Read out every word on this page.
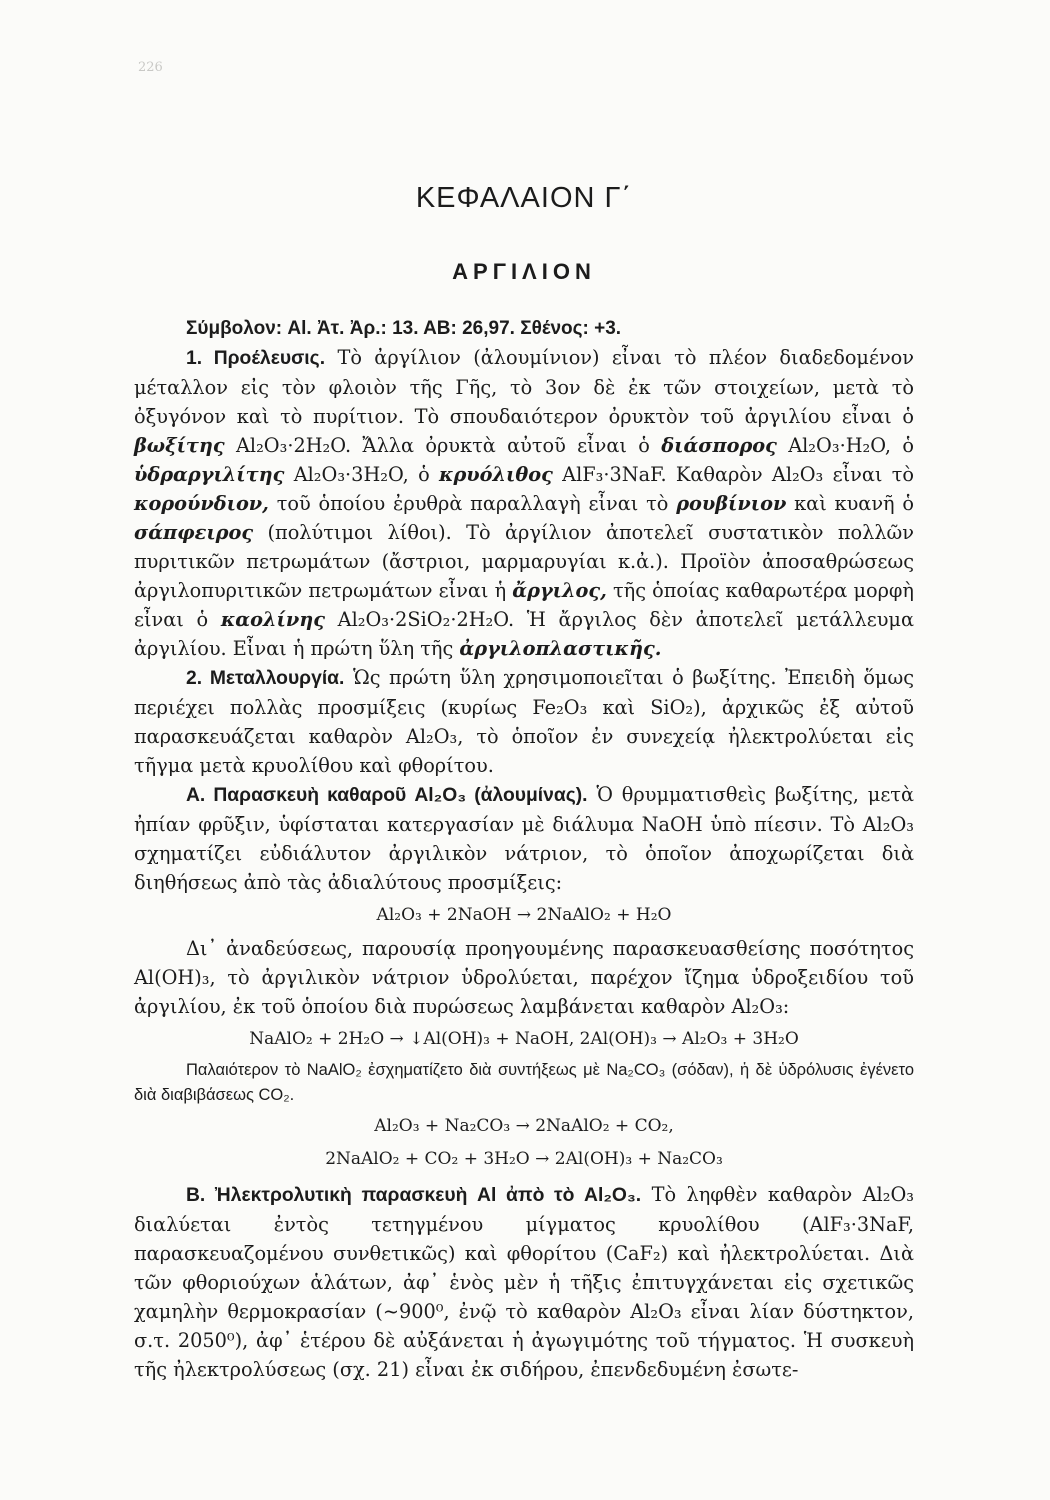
226
ΚΕΦΑΛΑΙΟΝ Γ΄
ΑΡΓΙΛΙΟΝ

Σύμβολον: Al. Ἀτ. Ἀρ.: 13. ΑΒ: 26,97. Σθένος: +3.

1. Προέλευσις. Τὸ ἀργίλιον (ἀλουμίνιον) εἶναι τὸ πλέον διαδεδομένον μέταλλον εἰς τὸν φλοιὸν τῆς Γῆς, τὸ 3ον δὲ ἐκ τῶν στοιχείων, μετὰ τὸ ὀξυγόνον καὶ τὸ πυρίτιον. Τὸ σπουδαιότερον ὀρυκτὸν τοῦ ἀργιλίου εἶναι ὁ βωξίτης Al₂O₃·2H₂O. Ἄλλα ὀρυκτὰ αὐτοῦ εἶναι ὁ διάσπορος Al₂O₃·H₂O, ὁ ὑδραργιλίτης Al₂O₃·3H₂O, ὁ κρυόλιθος AlF₃·3NaF. Καθαρὸν Al₂O₃ εἶναι τὸ κορούνδιον, τοῦ ὁποίου ἐρυθρὰ παραλλαγὴ εἶναι τὸ ρουβίνιον καὶ κυανῆ ὁ σάπφειρος (πολύτιμοι λίθοι). Τὸ ἀργίλιον ἀποτελεῖ συστατικὸν πολλῶν πυριτικῶν πετρωμάτων (ἄστριοι, μαρμαρυγίαι κ.ἀ.). Προϊὸν ἀποσαθρώσεως ἀργιλοπυριτικῶν πετρωμάτων εἶναι ἡ ἄργιλος, τῆς ὁποίας καθαρωτέρα μορφὴ εἶναι ὁ καολίνης Al₂O₃·2SiO₂·2H₂O. Ἡ ἄργιλος δὲν ἀποτελεῖ μετάλλευμα ἀργιλίου. Εἶναι ἡ πρώτη ὕλη τῆς ἀργιλοπλαστικῆς.

2. Μεταλλουργία. Ὡς πρώτη ὕλη χρησιμοποιεῖται ὁ βωξίτης. Ἐπειδὴ ὅμως περιέχει πολλὰς προσμίξεις (κυρίως Fe₂O₃ καὶ SiO₂), ἀρχικῶς ἐξ αὐτοῦ παρασκευάζεται καθαρὸν Al₂O₃, τὸ ὁποῖον ἐν συνεχείᾳ ἠλεκτρολύεται εἰς τῆγμα μετὰ κρυολίθου καὶ φθορίτου.

Α. Παρασκευὴ καθαροῦ Al₂O₃ (ἀλουμίνας). Ὁ θρυμματισθεὶς βωξίτης, μετὰ ἠπίαν φρῦξιν, ὑφίσταται κατεργασίαν μὲ διάλυμα NaOH ὑπὸ πίεσιν. Τὸ Al₂O₃ σχηματίζει εὐδιάλυτον ἀργιλικὸν νάτριον, τὸ ὁποῖον ἀποχωρίζεται διὰ διηθήσεως ἀπὸ τὰς ἀδιαλύτους προσμίξεις:

Al₂O₃ + 2NaOH → 2NaAlO₂ + H₂O

Δι᾽ ἀναδεύσεως, παρουσίᾳ προηγουμένης παρασκευασθείσης ποσότητος Al(OH)₃, τὸ ἀργιλικὸν νάτριον ὑδρολύεται, παρέχον ἴζημα ὑδροξειδίου τοῦ ἀργιλίου, ἐκ τοῦ ὁποίου διὰ πυρώσεως λαμβάνεται καθαρὸν Al₂O₃:

NaAlO₂ + 2H₂O → ↓Al(OH)₃ + NaOH, 2Al(OH)₃ → Al₂O₃ + 3H₂O

Παλαιότερον τὸ NaAlO₂ ἐσχηματίζετο διὰ συντήξεως μὲ Na₂CO₃ (σόδαν), ἡ δὲ ὑδρόλυσις ἐγένετο διὰ διαβιβάσεως CO₂.

Al₂O₃ + Na₂CO₃ → 2NaAlO₂ + CO₂,
2NaAlO₂ + CO₂ + 3H₂O → 2Al(OH)₃ + Na₂CO₃

Β. Ἠλεκτρολυτικὴ παρασκευὴ Al ἀπὸ τὸ Al₂O₃. Τὸ ληφθὲν καθαρὸν Al₂O₃ διαλύεται ἐντὸς τετηγμένου μίγματος κρυολίθου (AlF₃·3NaF, παρασκευαζομένου συνθετικῶς) καὶ φθορίτου (CaF₂) καὶ ἠλεκτρολύεται. Διὰ τῶν φθοριούχων ἁλάτων, ἀφ᾽ ἑνὸς μὲν ἡ τῆξις ἐπιτυγχάνεται εἰς σχετικῶς χαμηλὴν θερμοκρασίαν (~900⁰, ἐνῷ τὸ καθαρὸν Al₂O₃ εἶναι λίαν δύστηκτον, σ.τ. 2050⁰), ἀφ᾽ ἑτέρου δὲ αὐξάνεται ἡ ἀγωγιμότης τοῦ τήγματος. Ἡ συσκευὴ τῆς ἠλεκτρολύσεως (σχ. 21) εἶναι ἐκ σιδήρου, ἐπενδεδυμένη ἐσωτε-
